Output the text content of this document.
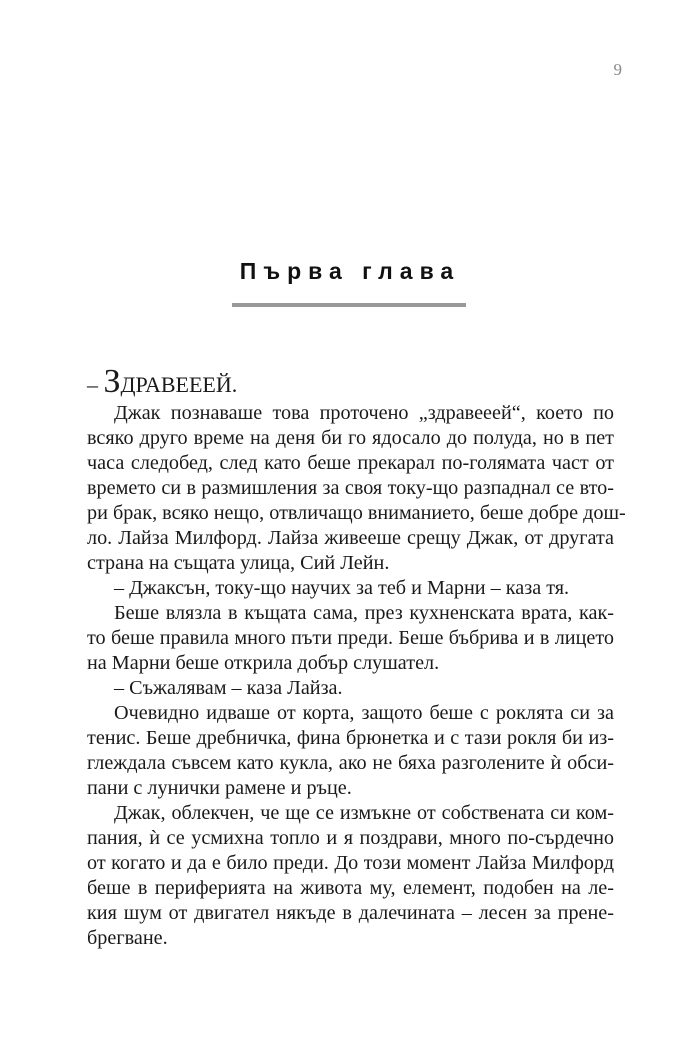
9
Първа глава

– ЗДРАВЕЕЕЙ.

Джак познаваше това проточено „здравееей“, което по

всяко друго време на деня би го ядосало до полуда, но в пет

часа следобед, след като беше прекарал по-голямата част от

времето си в размишления за своя току-що разпаднал се вто-

ри брак, всяко нещо, отвличащо вниманието, беше добре дош-

ло. Лайза Милфорд. Лайза живееше срещу Джак, от другата

страна на същата улица, Сий Лейн.

– Джаксън, току-що научих за теб и Марни – каза тя.

Беше влязла в къщата сама, през кухненската врата, как-

то беше правила много пъти преди. Беше бъбрива и в лицето

на Марни беше открила добър слушател.

– Съжалявам – каза Лайза.

Очевидно идваше от корта, защото беше с роклята си за

тенис. Беше дребничка, фина брюнетка и с тази рокля би из-

глеждала съвсем като кукла, ако не бяха разголените ѝ обси-

пани с лунички рамене и ръце.

Джак, облекчен, че ще се измъкне от собствената си ком-

пания, ѝ се усмихна топло и я поздрави, много по-сърдечно

от когато и да е било преди. До този момент Лайза Милфорд

беше в периферията на живота му, елемент, подобен на ле-

кия шум от двигател някъде в далечината – лесен за прене-

брегване.
